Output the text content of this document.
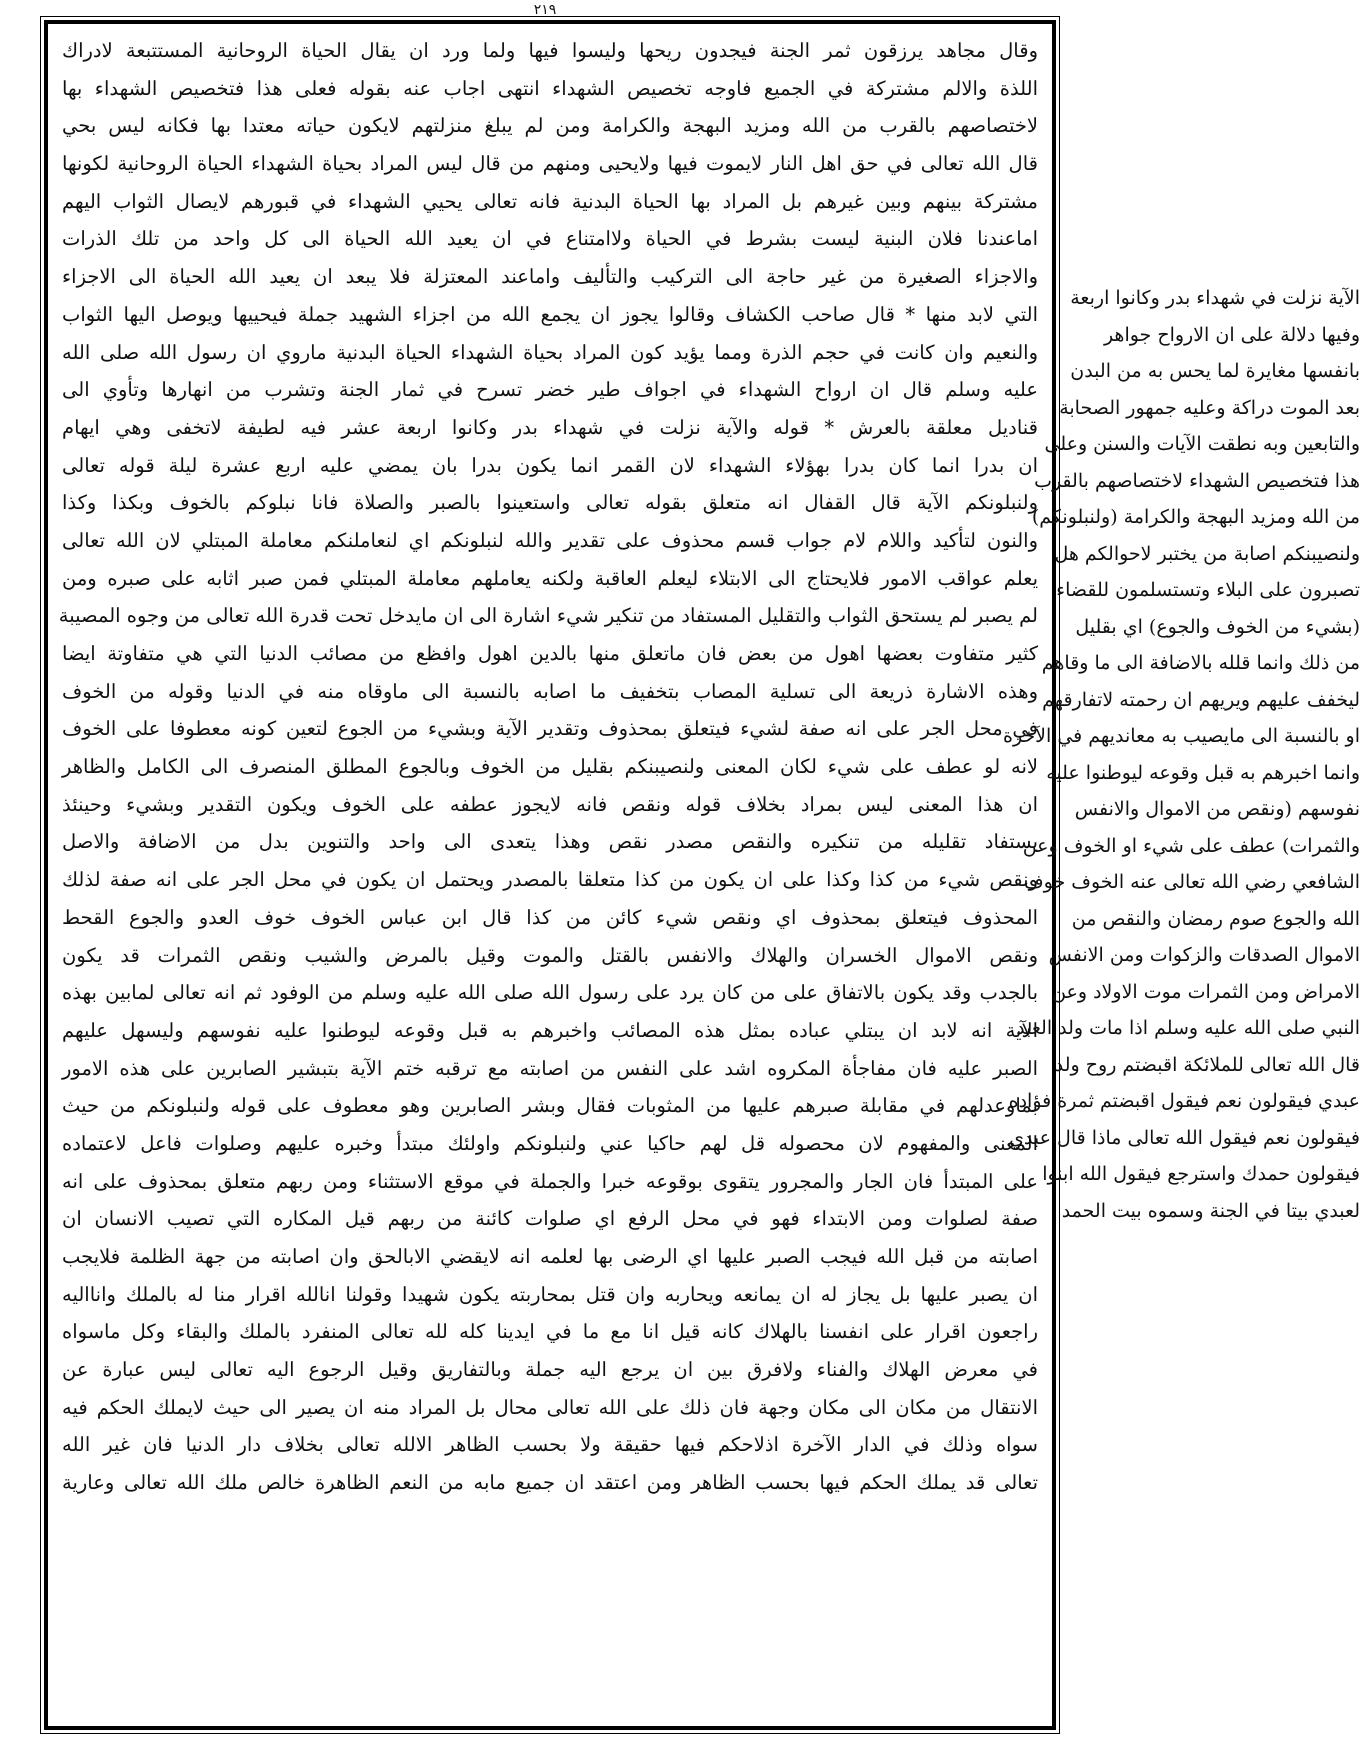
۲۱۹
وقال مجاهد يرزقون ثمر الجنة فيجدون ريحها وليسوا فيها ولما ورد ان يقال الحياة الروحانية المستتبعة لادراك
اللذة والالم مشتركة في الجميع فاوجه تخصيص الشهداء انتهى اجاب عنه بقوله فعلى هذا فتخصيص الشهداء بها
لاختصاصهم بالقرب من الله ومزيد البهجة والكرامة ومن لم يبلغ منزلتهم لايكون حياته معتدا بها فكانه ليس بحي
قال الله تعالى في حق اهل النار لايموت فيها ولايحيى ومنهم من قال ليس المراد بحياة الشهداء الحياة الروحانية لكونها
مشتركة بينهم وبين غيرهم بل المراد بها الحياة البدنية فانه تعالى يحيي الشهداء في قبورهم لايصال الثواب اليهم
اماعندنا فلان البنية ليست بشرط في الحياة ولاامتناع في ان يعيد الله الحياة الى كل واحد من تلك الذرات
والاجزاء الصغيرة من غير حاجة الى التركيب والتأليف واماعند المعتزلة فلا يبعد ان يعيد الله الحياة الى الاجزاء
التي لابد منها * قال صاحب الكشاف وقالوا يجوز ان يجمع الله من اجزاء الشهيد جملة فيحييها ويوصل اليها الثواب
والنعيم وان كانت في حجم الذرة ومما يؤيد كون المراد بحياة الشهداء الحياة البدنية ماروي ان رسول الله صلى الله
عليه وسلم قال ان ارواح الشهداء في اجواف طير خضر تسرح في ثمار الجنة وتشرب من انهارها وتأوي الى
قناديل معلقة بالعرش * قوله والآية نزلت في شهداء بدر وكانوا اربعة عشر فيه لطيفة لاتخفى وهي ايهام
ان بدرا انما كان بدرا بهؤلاء الشهداء لان القمر انما يكون بدرا بان يمضي عليه اربع عشرة ليلة قوله تعالى
ولنبلونكم الآية قال القفال انه متعلق بقوله تعالى واستعينوا بالصبر والصلاة فانا نبلوكم بالخوف وبكذا وكذا
والنون لتأكيد واللام لام جواب قسم محذوف على تقدير والله لنبلونكم اي لنعاملنكم معاملة المبتلي لان الله تعالى
يعلم عواقب الامور فلايحتاج الى الابتلاء ليعلم العاقبة ولكنه يعاملهم معاملة المبتلي فمن صبر اثابه على صبره ومن
لم يصبر لم يستحق الثواب والتقليل المستفاد من تنكير شيء اشارة الى ان مايدخل تحت قدرة الله تعالى من وجوه المصيبة
كثير متفاوت بعضها اهول من بعض فان ماتعلق منها بالدين اهول وافظع من مصائب الدنيا التي هي متفاوتة ايضا
وهذه الاشارة ذريعة الى تسلية المصاب بتخفيف ما اصابه بالنسبة الى ماوقاه منه في الدنيا وقوله من الخوف
في محل الجر على انه صفة لشيء فيتعلق بمحذوف وتقدير الآية وبشيء من الجوع لتعين كونه معطوفا على الخوف
لانه لو عطف على شيء لكان المعنى ولنصيبنكم بقليل من الخوف وبالجوع المطلق المنصرف الى الكامل والظاهر
ان هذا المعنى ليس بمراد بخلاف قوله ونقص فانه لايجوز عطفه على الخوف ويكون التقدير وبشيء وحينئذ
يستفاد تقليله من تنكيره والنقص مصدر نقص وهذا يتعدى الى واحد والتنوين بدل من الاضافة والاصل
ونقص شيء من كذا وكذا على ان يكون من كذا متعلقا بالمصدر ويحتمل ان يكون في محل الجر على انه صفة لذلك
المحذوف فيتعلق بمحذوف اي ونقص شيء كائن من كذا قال ابن عباس الخوف خوف العدو والجوع القحط
ونقص الاموال الخسران والهلاك والانفس بالقتل والموت وقيل بالمرض والشيب ونقص الثمرات قد يكون
بالجدب وقد يكون بالاتفاق على من كان يرد على رسول الله صلى الله عليه وسلم من الوفود ثم انه تعالى لمابين بهذه
الآية انه لابد ان يبتلي عباده بمثل هذه المصائب واخبرهم به قبل وقوعه ليوطنوا عليه نفوسهم وليسهل عليهم
الصبر عليه فان مفاجأة المكروه اشد على النفس من اصابته مع ترقبه ختم الآية بتبشير الصابرين على هذه الامور
بماوعدلهم في مقابلة صبرهم عليها من المثوبات فقال وبشر الصابرين وهو معطوف على قوله ولنبلونكم من حيث
المعنى والمفهوم لان محصوله قل لهم حاكيا عني ولنبلونكم واولئك مبتدأ وخبره عليهم وصلوات فاعل لاعتماده
على المبتدأ فان الجار والمجرور يتقوى بوقوعه خبرا والجملة في موقع الاستثناء ومن ربهم متعلق بمحذوف على انه
صفة لصلوات ومن الابتداء فهو في محل الرفع اي صلوات كائنة من ربهم قيل المكاره التي تصيب الانسان ان
اصابته من قبل الله فيجب الصبر عليها اي الرضى بها لعلمه انه لايقضي الابالحق وان اصابته من جهة الظلمة فلايجب
ان يصبر عليها بل يجاز له ان يمانعه ويحاربه وان قتل بمحاربته يكون شهيدا وقولنا انالله اقرار منا له بالملك وانااليه
راجعون اقرار على انفسنا بالهلاك كانه قيل انا مع ما في ايدينا كله لله تعالى المنفرد بالملك والبقاء وكل ماسواه
في معرض الهلاك والفناء ولافرق بين ان يرجع اليه جملة وبالتفاريق وقيل الرجوع اليه تعالى ليس عبارة عن
الانتقال من مكان الى مكان وجهة فان ذلك على الله تعالى محال بل المراد منه ان يصير الى حيث لايملك الحكم فيه
سواه وذلك في الدار الآخرة اذلاحكم فيها حقيقة ولا بحسب الظاهر الالله تعالى بخلاف دار الدنيا فان غير الله
تعالى قد يملك الحكم فيها بحسب الظاهر ومن اعتقد ان جميع مابه من النعم الظاهرة خالص ملك الله تعالى وعارية
الآية نزلت في شهداء بدر وكانوا اربعة
وفيها دلالة على ان الارواح جواهر
بانفسها مغايرة لما يحس به من البدن
بعد الموت دراكة وعليه جمهور الصحابة
والتابعين وبه نطقت الآيات والسنن وعلى
هذا فتخصيص الشهداء لاختصاصهم بالقرب
من الله ومزيد البهجة والكرامة (ولنبلونكم)
ولنصيبنكم اصابة من يختبر لاحوالكم هل
تصبرون على البلاء وتستسلمون للقضاء
(بشيء من الخوف والجوع) اي بقليل
من ذلك وانما قلله بالاضافة الى ما وقاهم
ليخفف عليهم ويريهم ان رحمته لاتفارقهم
او بالنسبة الى مايصيب به معانديهم في الآخرة
وانما اخبرهم به قبل وقوعه ليوطنوا عليه
نفوسهم (ونقص من الاموال والانفس
والثمرات) عطف على شيء او الخوف وعن
الشافعي رضي الله تعالى عنه الخوف خوف
الله والجوع صوم رمضان والنقص من
الاموال الصدقات والزكوات ومن الانفس
الامراض ومن الثمرات موت الاولاد وعن
النبي صلى الله عليه وسلم اذا مات ولد العبد
قال الله تعالى للملائكة اقبضتم روح ولد
عبدي فيقولون نعم فيقول اقبضتم ثمرة فؤاده
فيقولون نعم فيقول الله تعالى ماذا قال عبدي
فيقولون حمدك واسترجع فيقول الله ابنوا
لعبدي بيتا في الجنة وسموه بيت الحمد
